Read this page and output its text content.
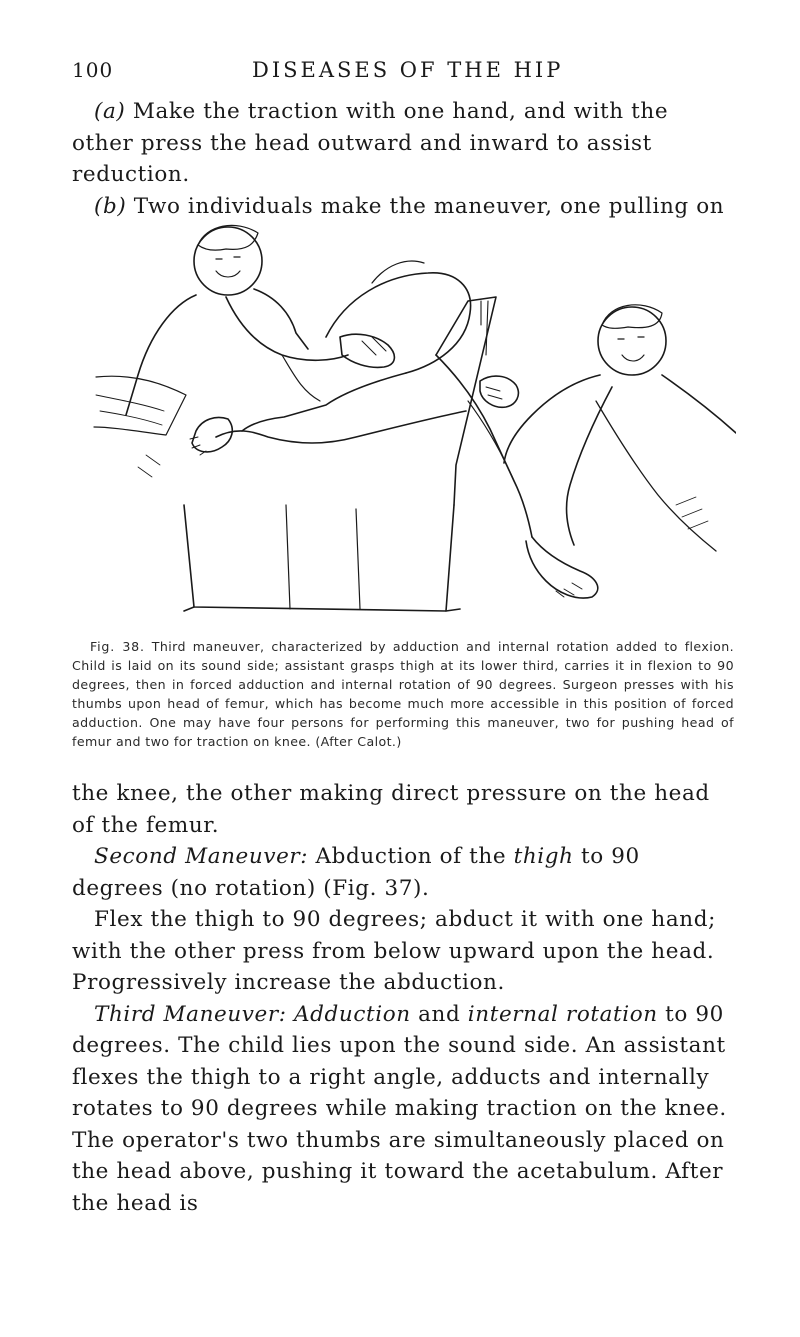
100	DISEASES OF THE HIP

(a) Make the traction with one hand, and with the other press the head outward and inward to assist reduction.

(b) Two individuals make the maneuver, one pulling on

Fig. 38. Third maneuver, characterized by adduction and internal rotation added to flexion. Child is laid on its sound side; assistant grasps thigh at its lower third, carries it in flexion to 90 degrees, then in forced adduction and internal rotation of 90 degrees. Surgeon presses with his thumbs upon head of femur, which has become much more accessible in this position of forced adduction. One may have four persons for performing this maneuver, two for pushing head of femur and two for traction on knee. (After Calot.)

the knee, the other making direct pressure on the head of the femur.

Second Maneuver: Abduction of the thigh to 90 degrees (no rotation) (Fig. 37).

Flex the thigh to 90 degrees; abduct it with one hand; with the other press from below upward upon the head. Progressively increase the abduction.

Third Maneuver: Adduction and internal rotation to 90 degrees. The child lies upon the sound side. An assistant flexes the thigh to a right angle, adducts and internally rotates to 90 degrees while making traction on the knee. The operator's two thumbs are simultaneously placed on the head above, pushing it toward the acetabulum. After the head is
